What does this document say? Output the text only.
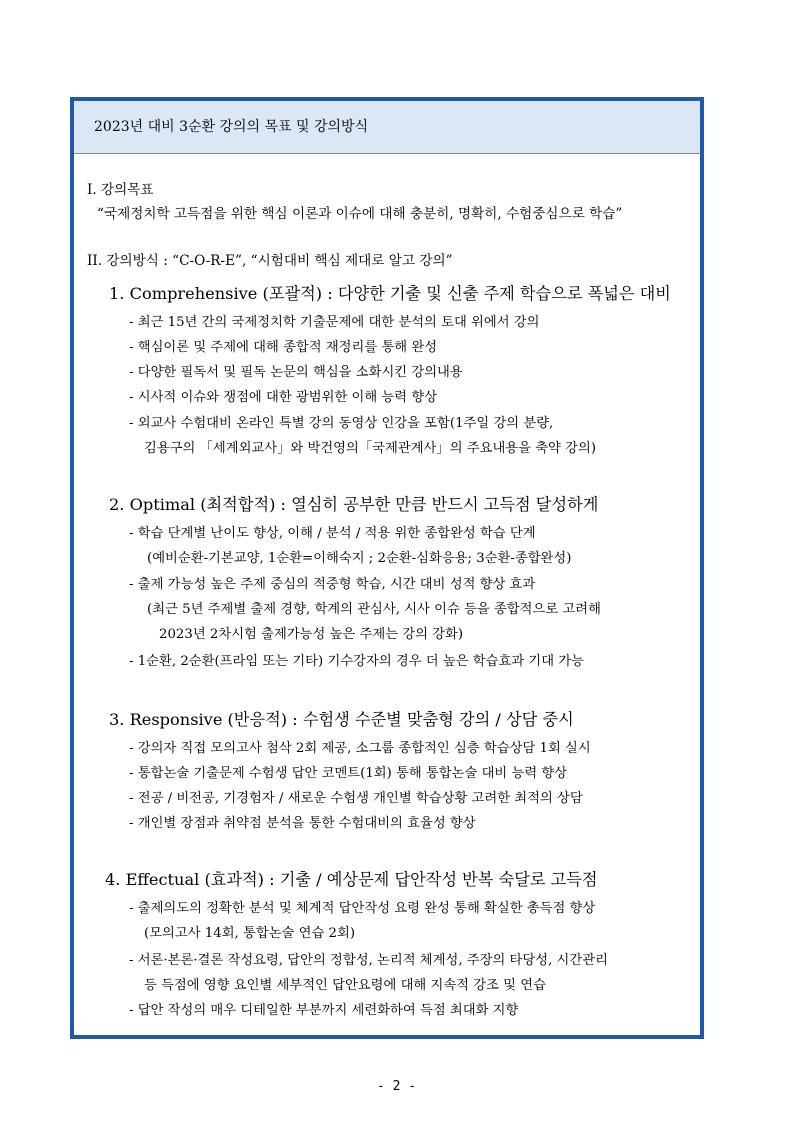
2023년 대비 3순환 강의의 목표 및 강의방식
I. 강의목표
“국제정치학 고득점을 위한 핵심 이론과 이슈에 대해 충분히, 명확히, 수험중심으로 학습”
II. 강의방식 : “C-O-R-E”, “시험대비 핵심 제대로 알고 강의”
1. Comprehensive (포괄적) : 다양한 기출 및 신출 주제 학습으로 폭넓은 대비
- 최근 15년 간의 국제정치학 기출문제에 대한 분석의 토대 위에서 강의
- 핵심이론 및 주제에 대해 종합적 재정리를 통해 완성
- 다양한 필독서 및 필독 논문의 핵심을 소화시킨 강의내용
- 시사적 이슈와 쟁점에 대한 광범위한 이해 능력 향상
- 외교사 수험대비 온라인 특별 강의 동영상 인강을 포함(1주일 강의 분량,
김용구의 「세계외교사」와 박건영의「국제관계사」의 주요내용을 축약 강의)
2. Optimal (최적합적) : 열심히 공부한 만큼 반드시 고득점 달성하게
- 학습 단계별 난이도 향상, 이해 / 분석 / 적용 위한 종합완성 학습 단계
(예비순환-기본교양, 1순환=이해숙지 ; 2순환-심화응용; 3순환-종합완성)
- 출제 가능성 높은 주제 중심의 적중형 학습, 시간 대비 성적 향상 효과
(최근 5년 주제별 출제 경향, 학계의 관심사, 시사 이슈 등을 종합적으로 고려해
2023년 2차시험 출제가능성 높은 주제는 강의 강화)
- 1순환, 2순환(프라임 또는 기타) 기수강자의 경우 더 높은 학습효과 기대 가능
3. Responsive (반응적) : 수험생 수준별 맞춤형 강의 / 상담 중시
- 강의자 직접 모의고사 첨삭 2회 제공, 소그룹 종합적인 심층 학습상담 1회 실시
- 통합논술 기출문제 수험생 답안 코멘트(1회) 통해 통합논술 대비 능력 향상
- 전공 / 비전공, 기경험자 / 새로운 수험생 개인별 학습상황 고려한 최적의 상담
- 개인별 장점과 취약점 분석을 통한 수험대비의 효율성 향상
4. Effectual (효과적) : 기출 / 예상문제 답안작성 반복 숙달로 고득점
- 출제의도의 정확한 분석 및 체계적 답안작성 요령 완성 통해 확실한 총득점 향상
(모의고사 14회, 통합논술 연습 2회)
- 서론·본론·결론 작성요령, 답안의 정합성, 논리적 체계성, 주장의 타당성, 시간관리
등 득점에 영향 요인별 세부적인 답안요령에 대해 지속적 강조 및 연습
- 답안 작성의 매우 디테일한 부분까지 세련화하여 득점 최대화 지향
- 2 -
